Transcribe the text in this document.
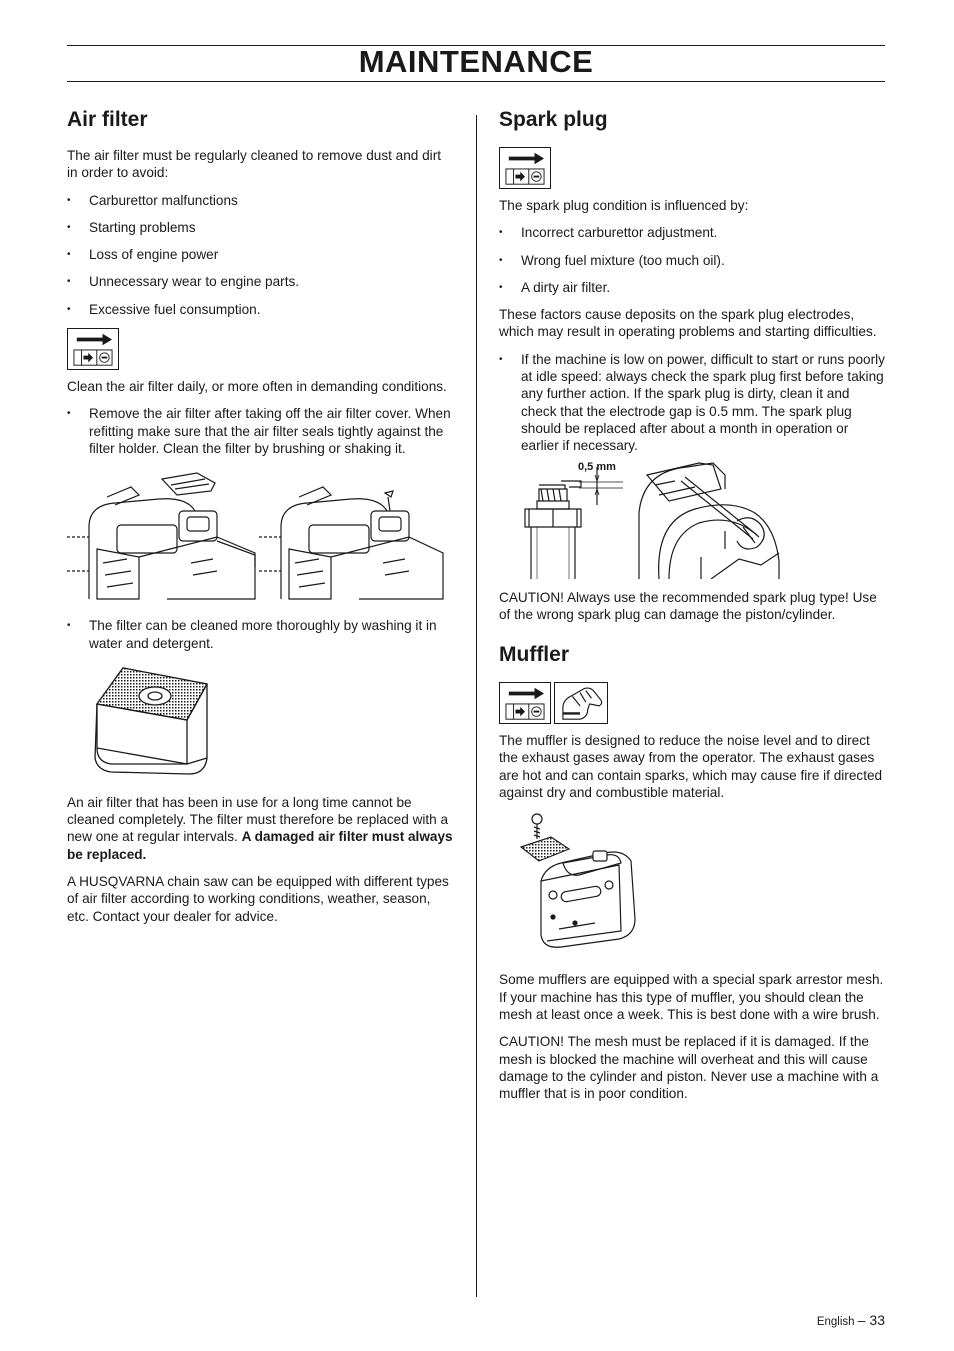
MAINTENANCE
Air filter

The air filter must be regularly cleaned to remove dust and dirt in order to avoid:

• Carburettor malfunctions
• Starting problems
• Loss of engine power
• Unnecessary wear to engine parts.
• Excessive fuel consumption.

Clean the air filter daily, or more often in demanding conditions.

• Remove the air filter after taking off the air filter cover. When refitting make sure that the air filter seals tightly against the filter holder. Clean the filter by brushing or shaking it.
• The filter can be cleaned more thoroughly by washing it in water and detergent.

An air filter that has been in use for a long time cannot be cleaned completely. The filter must therefore be replaced with a new one at regular intervals. A damaged air filter must always be replaced.

A HUSQVARNA chain saw can be equipped with different types of air filter according to working conditions, weather, season, etc. Contact your dealer for advice.

Spark plug

The spark plug condition is influenced by:

• Incorrect carburettor adjustment.
• Wrong fuel mixture (too much oil).
• A dirty air filter.

These factors cause deposits on the spark plug electrodes, which may result in operating problems and starting difficulties.

• If the machine is low on power, difficult to start or runs poorly at idle speed: always check the spark plug first before taking any further action. If the spark plug is dirty, clean it and check that the electrode gap is 0.5 mm. The spark plug should be replaced after about a month in operation or earlier if necessary.
0,5 mm

CAUTION! Always use the recommended spark plug type! Use of the wrong spark plug can damage the piston/cylinder.

Muffler

The muffler is designed to reduce the noise level and to direct the exhaust gases away from the operator. The exhaust gases are hot and can contain sparks, which may cause fire if directed against dry and combustible material.

Some mufflers are equipped with a special spark arrestor mesh. If your machine has this type of muffler, you should clean the mesh at least once a week. This is best done with a wire brush.

CAUTION! The mesh must be replaced if it is damaged. If the mesh is blocked the machine will overheat and this will cause damage to the cylinder and piston. Never use a machine with a muffler that is in poor condition.

English – 33
